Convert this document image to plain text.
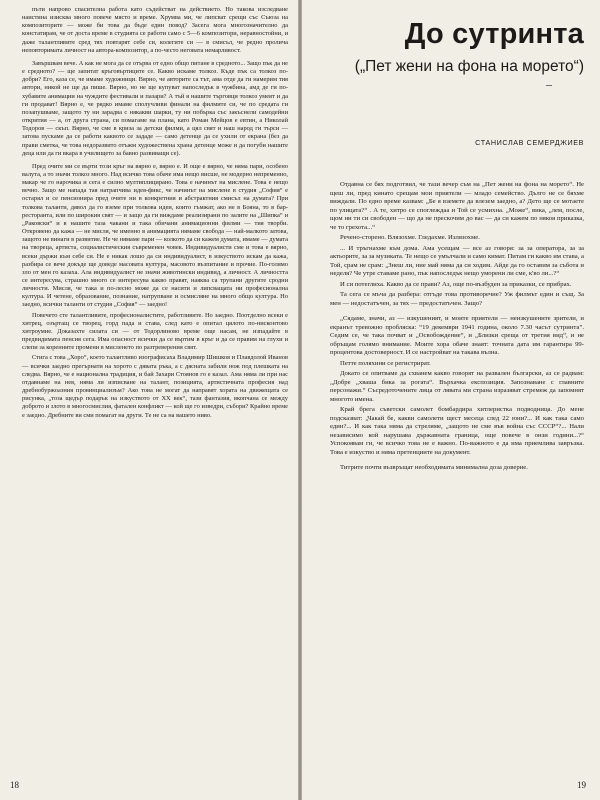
пъти напрово спасителна работа като съдействат на действието. Но такова изследване наистина изисква много повече място и време. Хрумва ми, че липсват срещи със Съюза на композиторите — може би това да бъде един повод? Засега мога многозначително да констатирам, че от доста време в студията се работи само с 5—6 композитори, неравностойни, и даже талантливите сред тях повтарят себе си, колегите си — в смисъл, че редно пролича неповторимата личност на автора-композитор, а по-често неговата немарливост.

Завършвам вече. А как не мога да се отървa от едно общо питане в средното... Защо пък да не е средното? — ще запитат кръговъртиците се. Какво искаме толкоз. Къде пък са толкоз по-добри? Его, каза се, че имаме художници. Вярно, че авторите са тът, ама отде да ги намерим тия автори, никой не ще да пише. Вярно, но не ще купуват напоследък в чужбина, амд де ги по-хубавите анимации на чуждите фестивали и пазари? А тъй я нашите търговци толкоз умеят и да ги продават! Вярно е, че рядко имаме сполучливи финали на филмите си, че по средата ги позапушваме, защото ту ни зарадва с някакви шарки, ту ни побърка със закъснели самодейни открития — а, от друга страна, си помагаме на плана, като Роман Мейцов е евтин, а Николай Тодоров — скъп. Вярно, че сме в криза за детски филми, а цял свят и наш народ ги търси — затова пускаме да се работи каквото се зададе — само детенце да се ухили от екрана (без да прави сметка, че това недоразвито отъжм художествена храна детенце може и да погуби нашите деца или да ги вкара в училището за бавно развиващи се).

Пред очите ми се върти този кръг на вярно е, вярно е. И още е вярно, че няма пари, особено валута, а то значи толкоз много. Над всичко това обаче има нещо висше, не модерно непременно, макар че го нарочика и сега е силно мултиплицирано. Това е начинът на мислене. Това е нещо вечно. Защо ме напада тая натрапчива идея-фикс, че начинът на мислене в студия „София“ е остарял и се пенсионира пред очите ни в конкретния и абстрактния смисъл на думата? При толкова таланти, дявол да го вземе при толкова идеи, които гъмжат, ако не в Бояна, то в бар-ресторанта, или по широкия свят — и защо да ги виждаме реализирани по залите на „Шипка“ и „Раковски“ и в нашите таза чакани и така обичани анимационни филми — тия творби. Откровено да кажа — не мисля, че именно в анимацията нямаме свобода — най-малкото затова, защото не винаги в развитие. Не че нямаме пари — колкото да си кажем думата, имаме — думата на твореца, артиста, социалистическия съвременен човек. Индивидуалисти сме и това е вярно, всеки държи към себе си. Не е никак лошо да си индивидуалист, в изкуството искам да кажа, разбира се вече докъде ще доведе масовата култура, масовото възпитание и прочие. По-голямо зло от мен го казаха. Ала индивидуалист не значи животински индивид, а личност. А личността се интересува, страшно много се интересува какво правят, наяква са трупани другите сродни личности. Мисля, че така и по-лесно може да се насити и липсващата ни професионална култура. И четене, образование, познание, натрупване и осмисляне на много общо култура. Но заедно, всички таланти от студия „София“ — заедно!

Повечето сте талантливите, професионалистите, работливите. Но заедно. Поотделно всеки е хитрец, озъртащ се творец, горд пада и става, след като е опитал цялото по-нисконтово хитроумие. Доказахте силата си — от Тодорлиново време още насам, не изпадайте в предвидимата пенсия сега. Има опасност всички да се въртим в кръг и да се правим на глухи и слепи за коренните промени в мисленето по разтреверения свят.

Стига с това „Хоро“, което талантливо изографисаха Владимир Шишков и Плавдолой Иванов — всички заедно прегърнати на хорото с дявата ръка, а с дясната забили нож под плешката на следва. Вярно, че е национална традиция, и бай Захари Стоянов го е казал. Ама няма ли при нас отдавнаме на нея, няма ли изписване на талант, позицията, артистичната професия над дребнобуржоазния провинциализъм? Ако това не могат да направят хората на движещата се рисунка, „тоза щедър подарък на изкуството от XX век“, тази фантазия, вкопчана се между доброто и злото в многосмислия, фатален конфликт — кой ще го изведри, събори? Крайно време е заедно. Дребните ви сми помагат на други. Те не са на вашето ниво.

18
До сутринта
(„Пет жени на фона на морето“)
–
СТАНИСЛАВ СЕМЕРДЖИЕВ

Отдавна се бях подготвил, че тази вечер съм на „Пет жени на фона на морето“. Не щеш ли, пред кинато срещам мои приятели — младо семейство. Дълго не се бяхме виждали. По едно време казвам: „Бе я вземете да влезем заедно, а? Дето ще се мотаете по улицата?“ . А те, хитро се споглеждаа и Той се усмихна. „Може“, вика, „лем, после, щом ни ти си свободен — що да не прескочим до вас — да си кажем по някоя приказка, че то грехота...“

Речено-сторено. Влязохме. Гледахме. Излязохме.

... И тръгнахме към дома. Ама усещам — все аз говоря: за за оператора, за за актьорите, за за музиката. Те нещо се умълчали и само кимат. Питам ги какво им става, а Той, срам не срам: „Знеш ли, ние май няма да си ходим. Айде да го оставим за събота и неделя? Че утре ставаме рано, пък напоследък нещо уморени ли сме, к'во ли...?“

И си потеглиха. Какво да се прави? Аз, още по-възбуден за приказки, се прибрах.

Та сега се мъча да разбера: отгъде това противоречие? Уж филмът един и същ. За мен — недостатъчен, за тях — предостатъчен. Защо?

„Сядаме, значи, аз — изкушеният, и моите приятели — неизкушените зрители, и екранът тревожно пробляска: “19 декември 1941 година, около 7.30 часът сутринта”. Седим се, че така почват и „Освобождение“, и „Близки среща от третия вид“, и не обръщам голямо внимание. Моите хора обаче знаят: точната дата им гарантира 99-процентова достоверност. И се настройват на такава вълна.

Петте поляхини се регистрират.

Докато се опитваме да схванем какво говорят на развален български, аз се радвам: „Добре „хваша бика за рогата“. Върхачка експозиция. Запознаване с главните персонажи.“ Съсредоточените лица от лявата ми страна изразяват стремеж да запомнят многото имена.

Край брега съветски самолет бомбардира хитлеристка подводница. До мене подсказват: „Чакай бе, какви самолети щест месеца след 22 юни?... И как така само един?... И как така няма да стреляме, „защото не сме във война със СССР“?... Нали независимо кой нарушава държавната граница, още повече в онзи години...?“ Успокоявам ги, че всичко това не е важно. По-важното е да има приемлива завръзка. Това е изкуство и няма претенциите на документ.

Титрите почти възвръщат необходимата минимална доза доверие.

19
